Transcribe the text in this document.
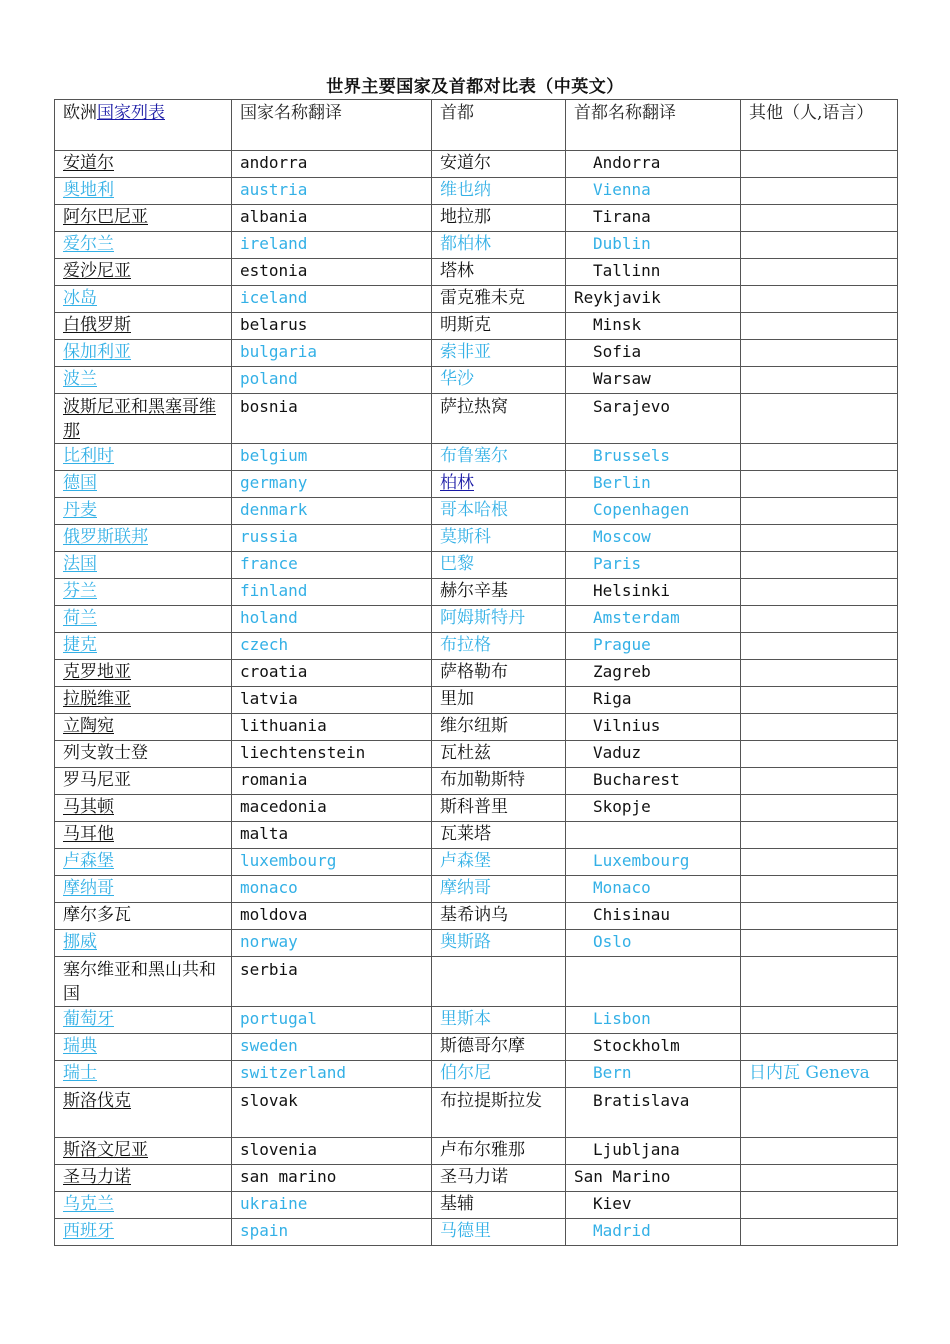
世界主要国家及首都对比表（中英文）
欧洲国家列表	国家名称翻译	首都	首都名称翻译	其他（人,语言）
安道尔	andorra	安道尔	Andorra	
奥地利	austria	维也纳	Vienna	
阿尔巴尼亚	albania	地拉那	Tirana	
爱尔兰	ireland	都柏林	Dublin	
爱沙尼亚	estonia	塔林	Tallinn	
冰岛	iceland	雷克雅未克	Reykjavik	
白俄罗斯	belarus	明斯克	Minsk	
保加利亚	bulgaria	索非亚	Sofia	
波兰	poland	华沙	Warsaw	
波斯尼亚和黑塞哥维那	bosnia	萨拉热窝	Sarajevo	
比利时	belgium	布鲁塞尔	Brussels	
德国	germany	柏林	Berlin	
丹麦	denmark	哥本哈根	Copenhagen	
俄罗斯联邦	russia	莫斯科	Moscow	
法国	france	巴黎	Paris	
芬兰	finland	赫尔辛基	Helsinki	
荷兰	holand	阿姆斯特丹	Amsterdam	
捷克	czech	布拉格	Prague	
克罗地亚	croatia	萨格勒布	Zagreb	
拉脱维亚	latvia	里加	Riga	
立陶宛	lithuania	维尔纽斯	Vilnius	
列支敦士登	liechtenstein	瓦杜兹	Vaduz	
罗马尼亚	romania	布加勒斯特	Bucharest	
马其顿	macedonia	斯科普里	Skopje	
马耳他	malta	瓦莱塔		
卢森堡	luxembourg	卢森堡	Luxembourg	
摩纳哥	monaco	摩纳哥	Monaco	
摩尔多瓦	moldova	基希讷乌	Chisinau	
挪威	norway	奥斯路	Oslo	
塞尔维亚和黑山共和国	serbia			
葡萄牙	portugal	里斯本	Lisbon	
瑞典	sweden	斯德哥尔摩	Stockholm	
瑞士	switzerland	伯尔尼	Bern	日内瓦 Geneva
斯洛伐克	slovak	布拉提斯拉发	Bratislava	
斯洛文尼亚	slovenia	卢布尔雅那	Ljubljana	
圣马力诺	san marino	圣马力诺	San Marino	
乌克兰	ukraine	基辅	Kiev	
西班牙	spain	马德里	Madrid	
